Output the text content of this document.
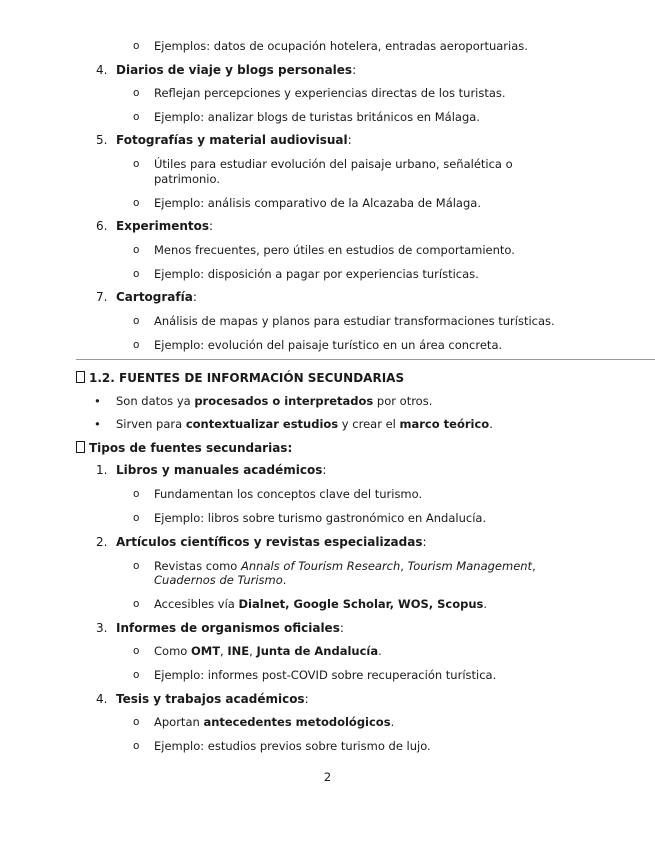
o Ejemplos: datos de ocupación hotelera, entradas aeroportuarias.
4. Diarios de viaje y blogs personales:
o Reflejan percepciones y experiencias directas de los turistas.
o Ejemplo: analizar blogs de turistas británicos en Málaga.
5. Fotografías y material audiovisual:
o Útiles para estudiar evolución del paisaje urbano, señalética o
patrimonio.
o Ejemplo: análisis comparativo de la Alcazaba de Málaga.
6. Experimentos:
o Menos frecuentes, pero útiles en estudios de comportamiento.
o Ejemplo: disposición a pagar por experiencias turísticas.
7. Cartografía:
o Análisis de mapas y planos para estudiar transformaciones turísticas.
o Ejemplo: evolución del paisaje turístico en un área concreta.
1.2. FUENTES DE INFORMACIÓN SECUNDARIAS
• Son datos ya procesados o interpretados por otros.
• Sirven para contextualizar estudios y crear el marco teórico.
Tipos de fuentes secundarias:
1. Libros y manuales académicos:
o Fundamentan los conceptos clave del turismo.
o Ejemplo: libros sobre turismo gastronómico en Andalucía.
2. Artículos científicos y revistas especializadas:
o Revistas como Annals of Tourism Research, Tourism Management,
Cuadernos de Turismo.
o Accesibles vía Dialnet, Google Scholar, WOS, Scopus.
3. Informes de organismos oficiales:
o Como OMT, INE, Junta de Andalucía.
o Ejemplo: informes post-COVID sobre recuperación turística.
4. Tesis y trabajos académicos:
o Aportan antecedentes metodológicos.
o Ejemplo: estudios previos sobre turismo de lujo.
2
